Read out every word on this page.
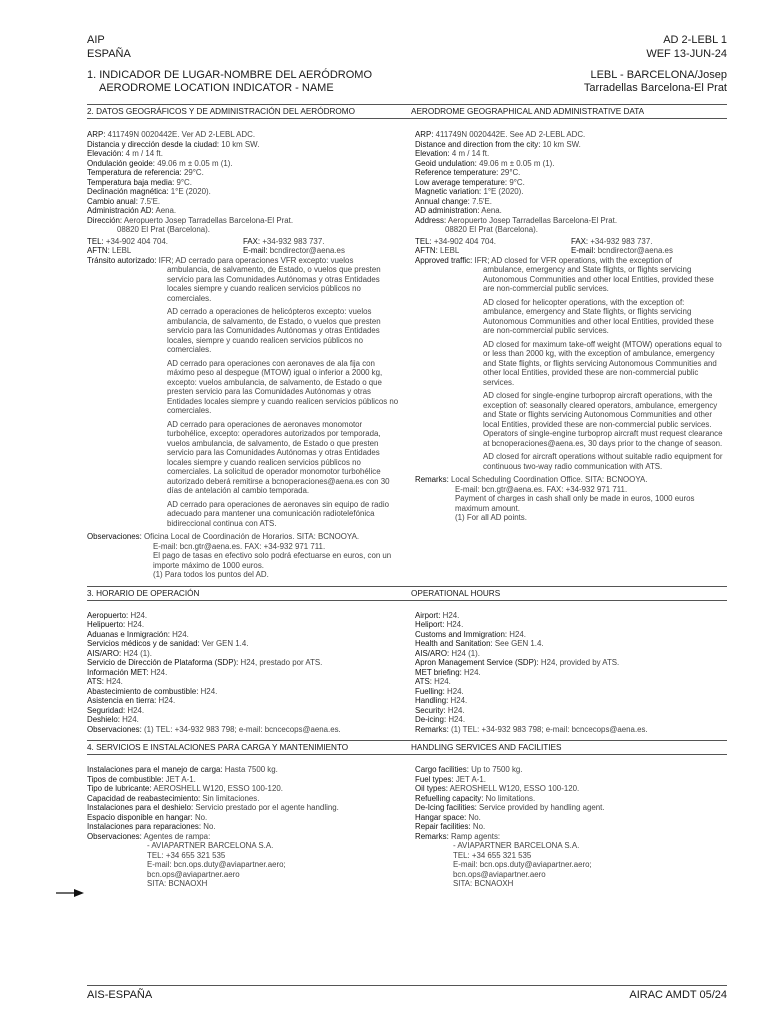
AIP
ESPAÑA
AD 2-LEBL 1
WEF 13-JUN-24
1. INDICADOR DE LUGAR-NOMBRE DEL AERÓDROMO
AERODROME LOCATION INDICATOR - NAME
LEBL - BARCELONA/Josep
Tarradellas Barcelona-El Prat
2. DATOS GEOGRÁFICOS Y DE ADMINISTRACIÓN DEL AERÓDROMO	AERODROME GEOGRAPHICAL AND ADMINISTRATIVE DATA
ARP: 411749N 0020442E. Ver AD 2-LEBL ADC.
Distancia y dirección desde la ciudad: 10 km SW.
Elevación: 4 m / 14 ft.
Ondulación geoide: 49.06 m ± 0.05 m (1).
Temperatura de referencia: 29°C.
Temperatura baja media: 9°C.
Declinación magnética: 1°E (2020).
Cambio anual: 7.5'E.
Administración AD: Aena.
Dirección: Aeropuerto Josep Tarradellas Barcelona-El Prat.
08820 El Prat (Barcelona).
TEL: +34-902 404 704.	FAX: +34-932 983 737.
AFTN: LEBL	E-mail: bcndirector@aena.es
Tránsito autorizado: IFR; AD cerrado para operaciones VFR excepto: vuelos
ambulancia, de salvamento, de Estado, o vuelos que presten servicio para las Comunidades Autónomas y otras Entidades locales siempre y cuando realicen servicios públicos no comerciales.
AD cerrado a operaciones de helicópteros excepto: vuelos ambulancia, de salvamento, de Estado, o vuelos que presten servicio para las Comunidades Autónomas y otras Entidades locales, siempre y cuando realicen servicios públicos no comerciales.
AD cerrado para operaciones con aeronaves de ala fija con máximo peso al despegue (MTOW) igual o inferior a 2000 kg, excepto: vuelos ambulancia, de salvamento, de Estado o que presten servicio para las Comunidades Autónomas y otras Entidades locales siempre y cuando realicen servicios públicos no comerciales.
AD cerrado para operaciones de aeronaves monomotor turbohélice, excepto: operadores autorizados por temporada, vuelos ambulancia, de salvamento, de Estado o que presten servicio para las Comunidades Autónomas y otras Entidades locales siempre y cuando realicen servicios públicos no comerciales. La solicitud de operador monomotor turbohélice autorizado deberá remitirse a bcnoperaciones@aena.es con 30 días de antelación al cambio temporada.
AD cerrado para operaciones de aeronaves sin equipo de radio adecuado para mantener una comunicación radiotelefónica bidireccional continua con ATS.
Observaciones: Oficina Local de Coordinación de Horarios. SITA: BCNOOYA.
E-mail: bcn.gtr@aena.es. FAX: +34-932 971 711.
El pago de tasas en efectivo solo podrá efectuarse en euros, con un importe máximo de 1000 euros.
(1) Para todos los puntos del AD.
ARP: 411749N 0020442E. See AD 2-LEBL ADC.
Distance and direction from the city: 10 km SW.
Elevation: 4 m / 14 ft.
Geoid undulation: 49.06 m ± 0.05 m (1).
Reference temperature: 29°C.
Low average temperature: 9°C.
Magnetic variation: 1°E (2020).
Annual change: 7.5'E.
AD administration: Aena.
Address: Aeropuerto Josep Tarradellas Barcelona-El Prat.
08820 El Prat (Barcelona).
TEL: +34-902 404 704.	FAX: +34-932 983 737.
AFTN: LEBL	E-mail: bcndirector@aena.es
Approved traffic: IFR; AD closed for VFR operations, with the exception of
ambulance, emergency and State flights, or flights servicing Autonomous Communities and other local Entities, provided these are non-commercial public services.
AD closed for helicopter operations, with the exception of: ambulance, emergency and State flights, or flights servicing Autonomous Communities and other local Entities, provided these are non-commercial public services.
AD closed for maximum take-off weight (MTOW) operations equal to or less than 2000 kg, with the exception of ambulance, emergency and State flights, or flights servicing Autonomous Communities and other local Entities, provided these are non-commercial public services.
AD closed for single-engine turboprop aircraft operations, with the exception of: seasonally cleared operators, ambulance, emergency and State or flights servicing Autonomous Communities and other local Entities, provided these are non-commercial public services. Operators of single-engine turboprop aircraft must request clearance at bcnoperaciones@aena.es, 30 days prior to the change of season.
AD closed for aircraft operations without suitable radio equipment for continuous two-way radio communication with ATS.
Remarks: Local Scheduling Coordination Office. SITA: BCNOOYA.
E-mail: bcn.gtr@aena.es. FAX: +34-932 971 711.
Payment of charges in cash shall only be made in euros, 1000 euros maximum amount.
(1) For all AD points.
3. HORARIO DE OPERACIÓN	OPERATIONAL HOURS
Aeropuerto: H24.
Helipuerto: H24.
Aduanas e Inmigración: H24.
Servicios médicos y de sanidad: Ver GEN 1.4.
AIS/ARO: H24 (1).
Servicio de Dirección de Plataforma (SDP): H24, prestado por ATS.
Información MET: H24.
ATS: H24.
Abastecimiento de combustible: H24.
Asistencia en tierra: H24.
Seguridad: H24.
Deshielo: H24.
Observaciones: (1) TEL: +34-932 983 798; e-mail: bcncecops@aena.es.
Airport: H24.
Heliport: H24.
Customs and Immigration: H24.
Health and Sanitation: See GEN 1.4.
AIS/ARO: H24 (1).
Apron Management Service (SDP): H24, provided by ATS.
MET briefing: H24.
ATS: H24.
Fuelling: H24.
Handling: H24.
Security: H24.
De-icing: H24.
Remarks: (1) TEL: +34-932 983 798; e-mail: bcncecops@aena.es.
4. SERVICIOS E INSTALACIONES PARA CARGA Y MANTENIMIENTO	HANDLING SERVICES AND FACILITIES
Instalaciones para el manejo de carga: Hasta 7500 kg.
Tipos de combustible: JET A-1.
Tipo de lubricante: AEROSHELL W120, ESSO 100-120.
Capacidad de reabastecimiento: Sin limitaciones.
Instalaciones para el deshielo: Servicio prestado por el agente handling.
Espacio disponible en hangar: No.
Instalaciones para reparaciones: No.
Observaciones: Agentes de rampa:
- AVIAPARTNER BARCELONA S.A.
TEL: +34 655 321 535
E-mail: bcn.ops.duty@aviapartner.aero;
bcn.ops@aviapartner.aero
SITA: BCNAOXH
Cargo facilities: Up to 7500 kg.
Fuel types: JET A-1.
Oil types: AEROSHELL W120, ESSO 100-120.
Refuelling capacity: No limitations.
De-Icing facilities: Service provided by handling agent.
Hangar space: No.
Repair facilities: No.
Remarks: Ramp agents:
- AVIAPARTNER BARCELONA S.A.
TEL: +34 655 321 535
E-mail: bcn.ops.duty@aviapartner.aero;
bcn.ops@aviapartner.aero
SITA: BCNAOXH
AIS-ESPAÑA	AIRAC AMDT 05/24
